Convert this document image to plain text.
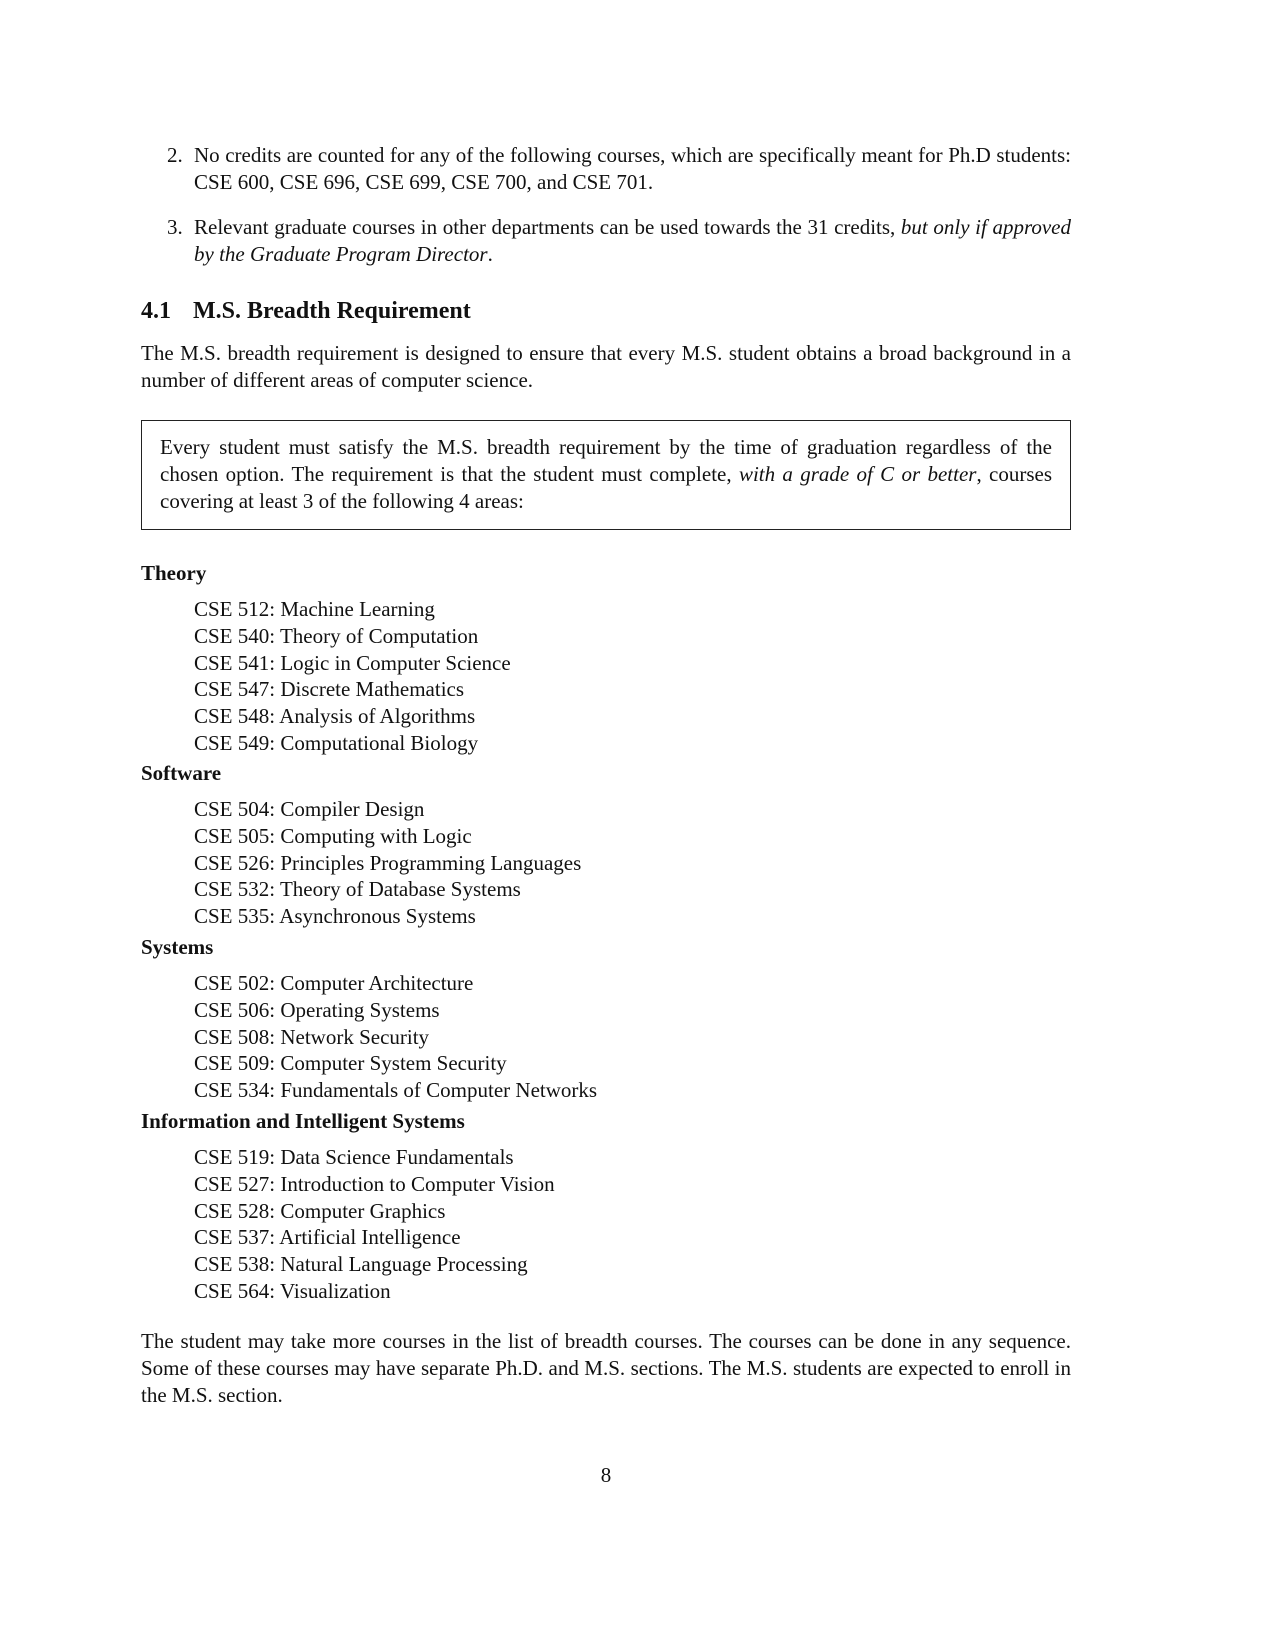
2. No credits are counted for any of the following courses, which are specifically meant for Ph.D students: CSE 600, CSE 696, CSE 699, CSE 700, and CSE 701.
3. Relevant graduate courses in other departments can be used towards the 31 credits, but only if approved by the Graduate Program Director.
4.1 M.S. Breadth Requirement
The M.S. breadth requirement is designed to ensure that every M.S. student obtains a broad background in a number of different areas of computer science.
Every student must satisfy the M.S. breadth requirement by the time of graduation regardless of the chosen option. The requirement is that the student must complete, with a grade of C or better, courses covering at least 3 of the following 4 areas:
Theory
CSE 512: Machine Learning
CSE 540: Theory of Computation
CSE 541: Logic in Computer Science
CSE 547: Discrete Mathematics
CSE 548: Analysis of Algorithms
CSE 549: Computational Biology
Software
CSE 504: Compiler Design
CSE 505: Computing with Logic
CSE 526: Principles Programming Languages
CSE 532: Theory of Database Systems
CSE 535: Asynchronous Systems
Systems
CSE 502: Computer Architecture
CSE 506: Operating Systems
CSE 508: Network Security
CSE 509: Computer System Security
CSE 534: Fundamentals of Computer Networks
Information and Intelligent Systems
CSE 519: Data Science Fundamentals
CSE 527: Introduction to Computer Vision
CSE 528: Computer Graphics
CSE 537: Artificial Intelligence
CSE 538: Natural Language Processing
CSE 564: Visualization
The student may take more courses in the list of breadth courses. The courses can be done in any sequence. Some of these courses may have separate Ph.D. and M.S. sections. The M.S. students are expected to enroll in the M.S. section.
8
